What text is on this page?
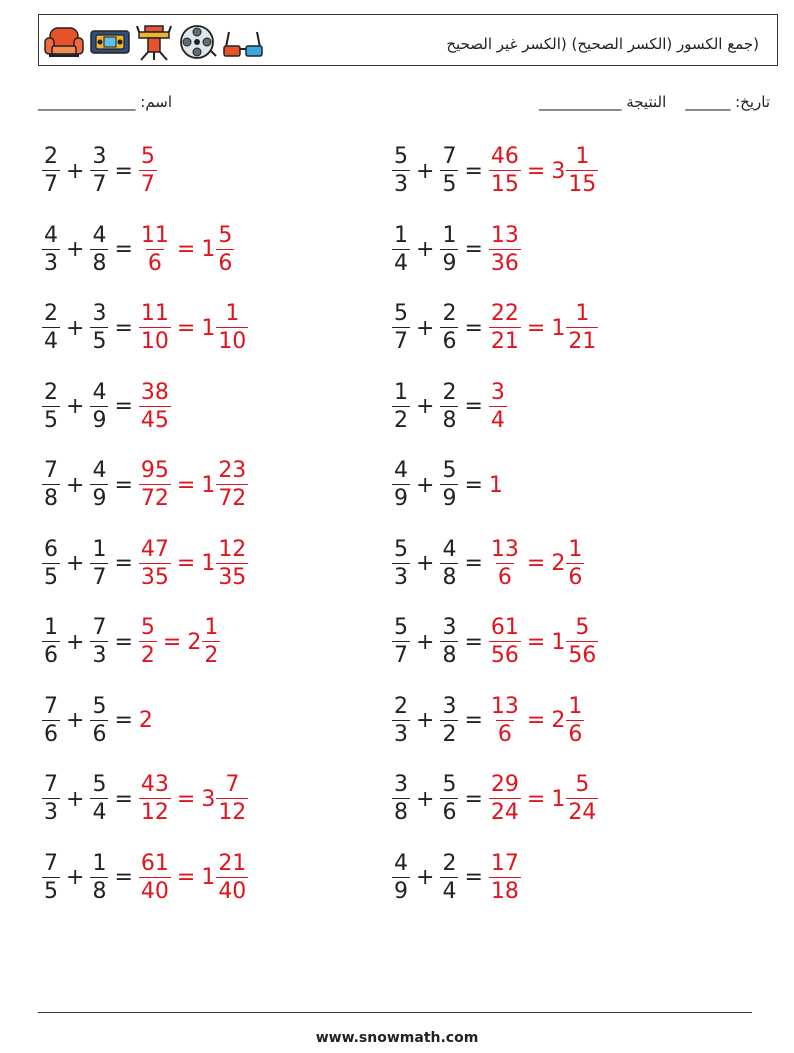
(جمع الكسور (الكسر الصحيح) (الكسر غير الصحيح
اسم: _____________	تاريخ: ______    النتيجة ___________
$\frac{2}{7} + \frac{3}{7} = \frac{5}{7}$	$\frac{5}{3} + \frac{7}{5} = \frac{46}{15} = 3 \frac{1}{15}$
$\frac{4}{3} + \frac{4}{8} = \frac{11}{6} = 1 \frac{5}{6}$	$\frac{1}{4} + \frac{1}{9} = \frac{13}{36}$
$\frac{2}{4} + \frac{3}{5} = \frac{11}{10} = 1 \frac{1}{10}$	$\frac{5}{7} + \frac{2}{6} = \frac{22}{21} = 1 \frac{1}{21}$
$\frac{2}{5} + \frac{4}{9} = \frac{38}{45}$	$\frac{1}{2} + \frac{2}{8} = \frac{3}{4}$
$\frac{7}{8} + \frac{4}{9} = \frac{95}{72} = 1 \frac{23}{72}$	$\frac{4}{9} + \frac{5}{9} = 1$
$\frac{6}{5} + \frac{1}{7} = \frac{47}{35} = 1 \frac{12}{35}$	$\frac{5}{3} + \frac{4}{8} = \frac{13}{6} = 2 \frac{1}{6}$
$\frac{1}{6} + \frac{7}{3} = \frac{5}{2} = 2 \frac{1}{2}$	$\frac{5}{7} + \frac{3}{8} = \frac{61}{56} = 1 \frac{5}{56}$
$\frac{7}{6} + \frac{5}{6} = 2$	$\frac{2}{3} + \frac{3}{2} = \frac{13}{6} = 2 \frac{1}{6}$
$\frac{7}{3} + \frac{5}{4} = \frac{43}{12} = 3 \frac{7}{12}$	$\frac{3}{8} + \frac{5}{6} = \frac{29}{24} = 1 \frac{5}{24}$
$\frac{7}{5} + \frac{1}{8} = \frac{61}{40} = 1 \frac{21}{40}$	$\frac{4}{9} + \frac{2}{4} = \frac{17}{18}$
www.snowmath.com
